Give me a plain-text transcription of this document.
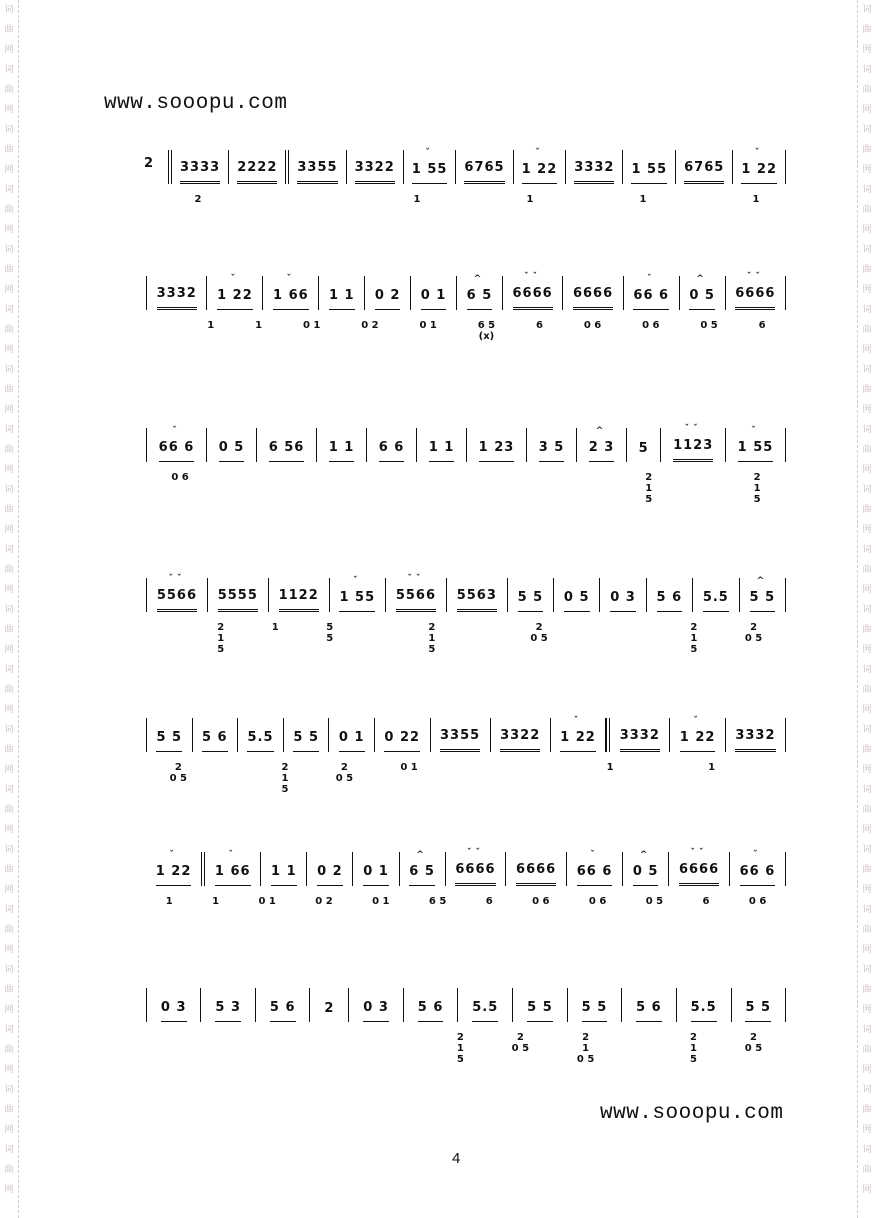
词
曲
网
词
曲
网
词
曲
网
词
曲
网
词
曲
网
词
曲
网
词
曲
网
词
曲
网
词
曲
网
词
曲
网
词
曲
网
词
曲
网
词
曲
网
词
曲
网
词
曲
网
词
曲
网
词
曲
网
词
曲
网
词
曲
网
词
曲
网
词
曲
网
词
曲
网
词
曲
网
词
曲
网
词
曲
网
词
曲
网
词
曲
网
词
曲
网
词
曲
网
词
曲
网
词
曲
网
词
曲
网
词
曲
网
词
曲
网
词
曲
网
词
曲
网
词
曲
网
词
曲
网
词
曲
网
词
曲
网
www.sooopu.com
2 3333 2222 3355 3322 1 55
ˇ
6765 1 22
ˇ
3332 1 55 6765 1 22
ˇ
2	1	1	1	1
3332 1 22
ˇ
1 66
ˇ
1 1 0 2 0 1 6 5
^
6666
ˇˇ
6666 66 6
ˇ
0 5
^
6666
ˇˇ
1	1	0 1	0 2	0 1	6 5
(x)
6	0 6	0 6	0 5	6
66 6
ˇ
0 5 6 56 1 1 6 6 1 1 1 23 3 5 2 3
^
5 1123
ˇˇ
1 55
ˇ
0 6	2
1
5
2
1
5
5566
ˇˇ
5555 1122 1 55
ˇ
5566
ˇˇ
5563 5 5 0 5 0 3 5 6 5.5 5 5
^
2
1
5
1	5
5
2
1
5
2
0 5
2
1
5
2
0 5
5 5 5 6 5.5 5 5 0 1 0 22 3355 3322 1 22
ˇ
3332 1 22
ˇ
3332
2
0 5
2
1
5
2
0 5
0 1	1	1
1 22
ˇ
1 66
ˇ
1 1 0 2 0 1 6 5
^
6666
ˇˇ
6666 66 6
ˇ
0 5
^
6666
ˇˇ
66 6
ˇ
1	1	0 1	0 2	0 1	6 5	6	0 6	0 6	0 5	6	0 6
0 3 5 3 5 6 2 0 3 5 6 5.5 5 5 5 5 5 6 5.5 5 5
2
1
5
2
0 5
2
1
0 5
2
1
5
2
0 5
www.sooopu.com
4
